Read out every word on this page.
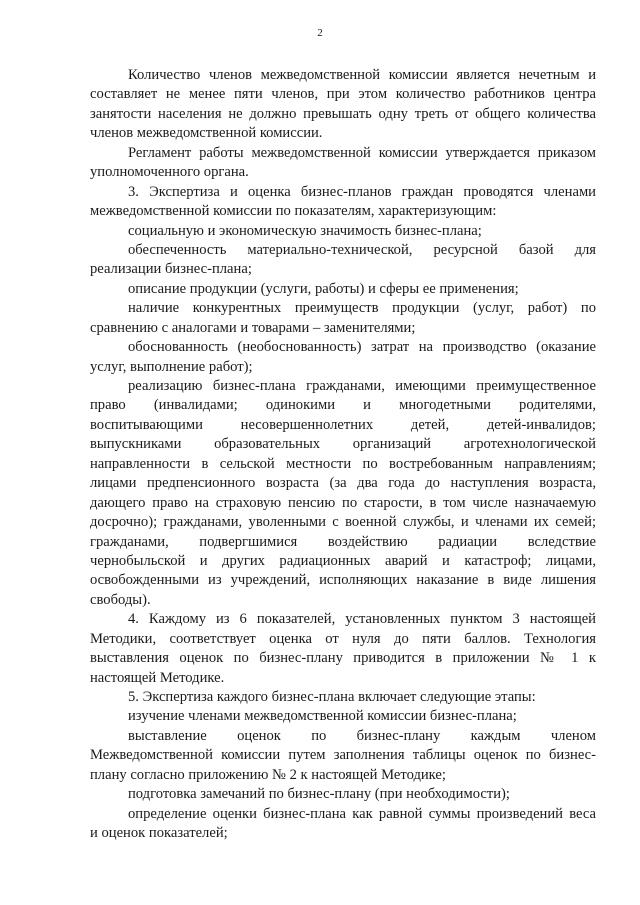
2
Количество членов межведомственной комиссии является нечетным и
составляет не менее пяти членов, при этом количество работников центра
занятости населения не должно превышать одну треть от общего количества
членов межведомственной комиссии.
Регламент работы межведомственной комиссии утверждается приказом
уполномоченного органа.
3. Экспертиза и оценка бизнес-планов граждан проводятся членами
межведомственной комиссии по показателям, характеризующим:
социальную и экономическую значимость бизнес-плана;
обеспеченность материально-технической, ресурсной базой для
реализации бизнес-плана;
описание продукции (услуги, работы) и сферы ее применения;
наличие конкурентных преимуществ продукции (услуг, работ) по
сравнению с аналогами и товарами – заменителями;
обоснованность (необоснованность) затрат на производство (оказание
услуг, выполнение работ);
реализацию бизнес-плана гражданами, имеющими преимущественное
право (инвалидами; одинокими и многодетными родителями,
воспитывающими несовершеннолетних детей, детей-инвалидов;
выпускниками образовательных организаций агротехнологической
направленности в сельской местности по востребованным направлениям;
лицами предпенсионного возраста (за два года до наступления возраста,
дающего право на страховую пенсию по старости, в том числе назначаемую
досрочно); гражданами, уволенными с военной службы, и членами их семей;
гражданами, подвергшимися воздействию радиации вследствие
чернобыльской и других радиационных аварий и катастроф; лицами,
освобожденными из учреждений, исполняющих наказание в виде лишения
свободы).
4. Каждому из 6 показателей, установленных пунктом 3 настоящей
Методики, соответствует оценка от нуля до пяти баллов. Технология
выставления оценок по бизнес-плану приводится в приложении № 1 к
настоящей Методике.
5. Экспертиза каждого бизнес-плана включает следующие этапы:
изучение членами межведомственной комиссии бизнес-плана;
выставление оценок по бизнес-плану каждым членом
Межведомственной комиссии путем заполнения таблицы оценок по бизнес-
плану согласно приложению № 2 к настоящей Методике;
подготовка замечаний по бизнес-плану (при необходимости);
определение оценки бизнес-плана как равной суммы произведений веса
и оценок показателей;
